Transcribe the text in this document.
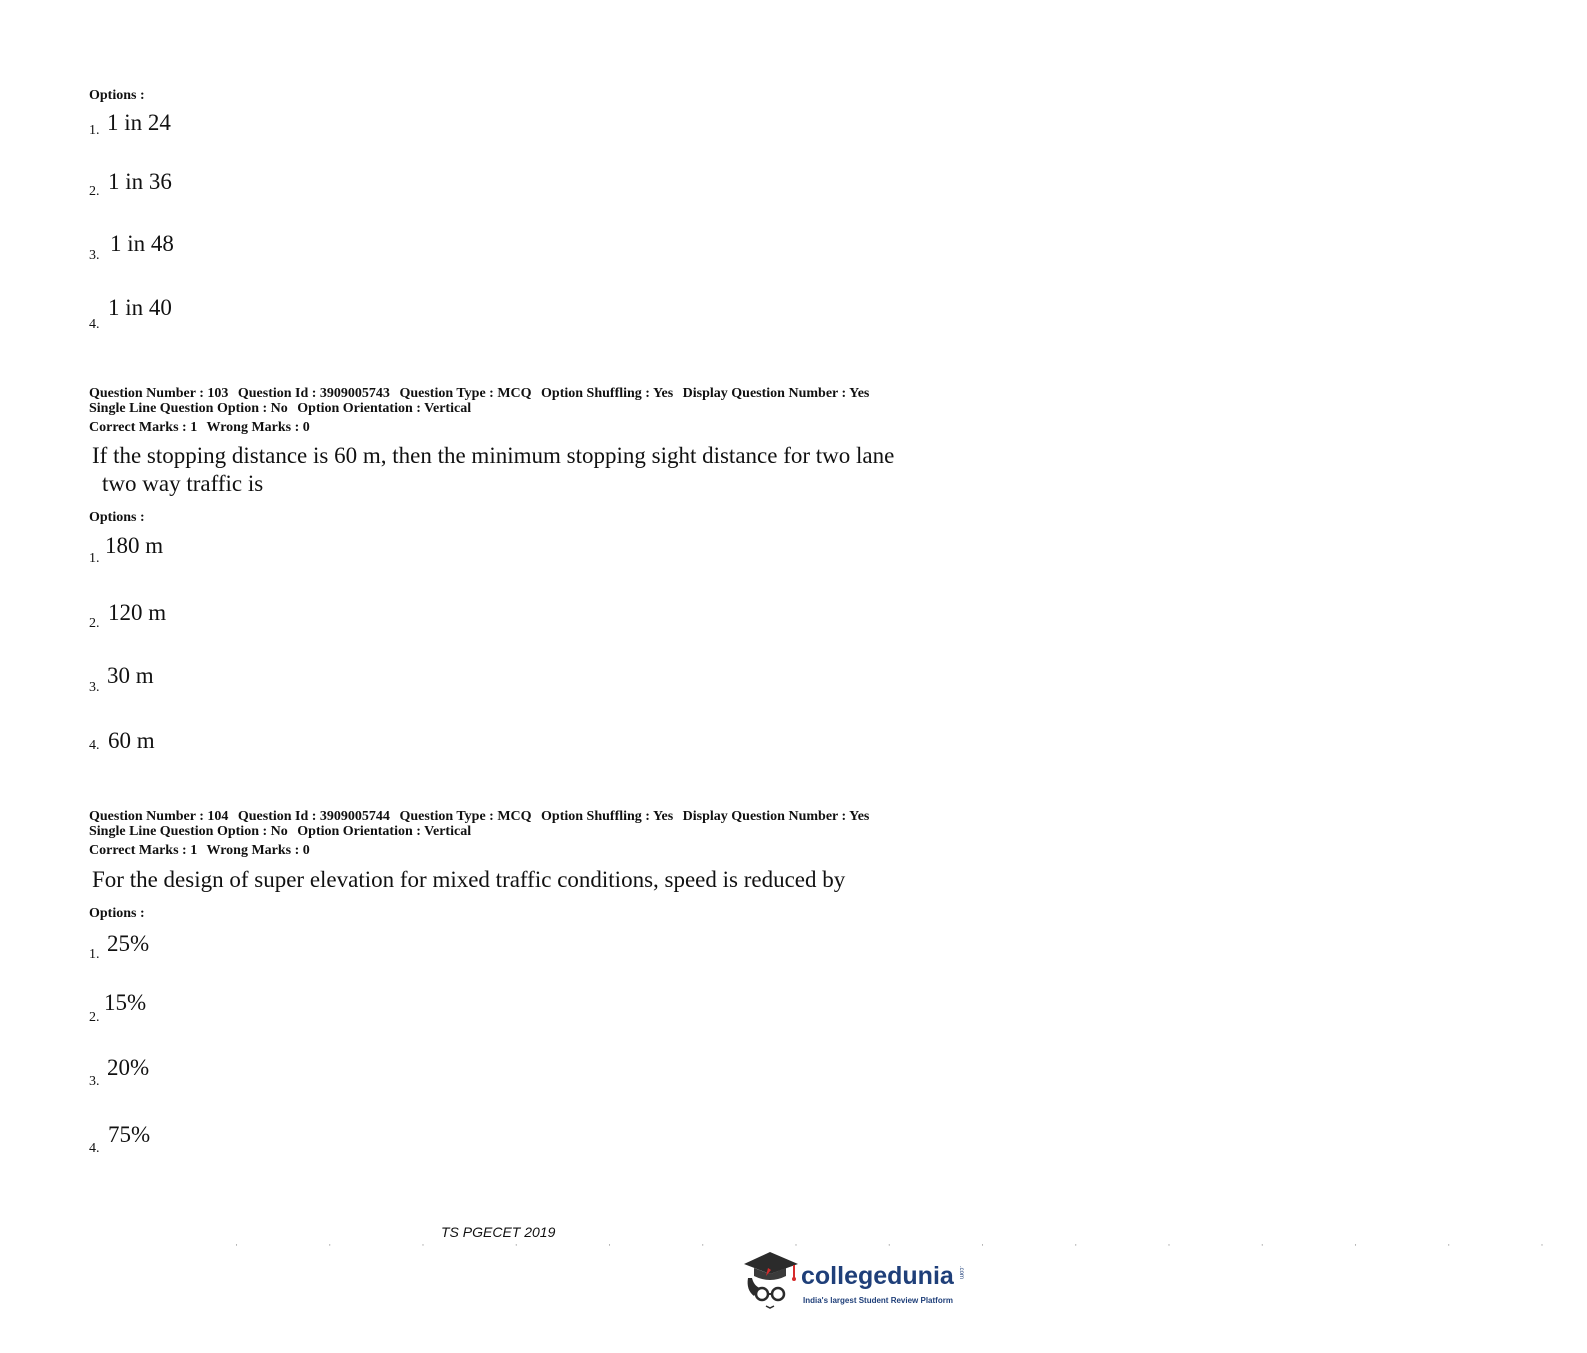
Options :
1. 1 in 24
2. 1 in 36
3. 1 in 48
4.
1 in 40
Question Number : 103 Question Id : 3909005743 Question Type : MCQ Option Shuffling : Yes Display Question Number : Yes
Single Line Question Option : No Option Orientation : Vertical
Correct Marks : 1 Wrong Marks : 0
If the stopping distance is 60 m, then the minimum stopping sight distance for two lane
two way traffic is
Options :
1.
180 m
2. 120 m
3. 30 m
4. 60 m
Question Number : 104 Question Id : 3909005744 Question Type : MCQ Option Shuffling : Yes Display Question Number : Yes
Single Line Question Option : No Option Orientation : Vertical
Correct Marks : 1 Wrong Marks : 0
For the design of super elevation for mixed traffic conditions, speed is reduced by
Options :
1. 25%
2.
15%
3.
20%
4.
75%
TS PGECET 2019
· · · · · · · · · · · · · · ·
collegedunia .com
India's largest Student Review Platform
